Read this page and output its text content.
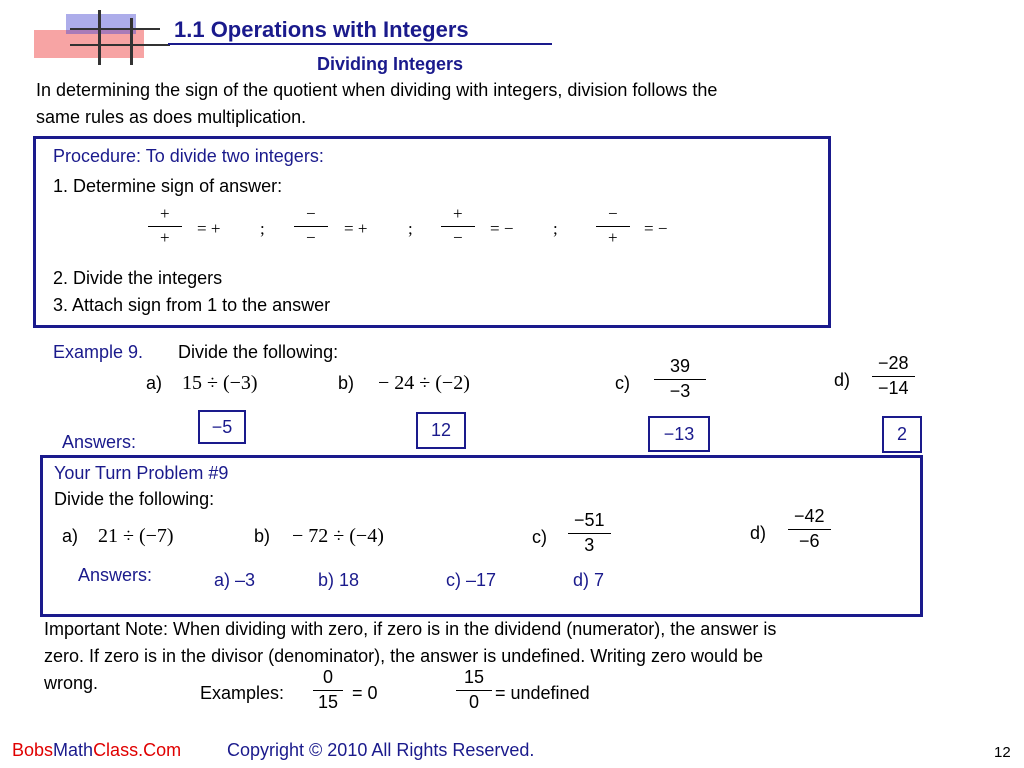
1.1 Operations with Integers
Dividing Integers
In determining the sign of the quotient when dividing with integers, division follows the
same rules as does multiplication.
Procedure: To divide two integers:
1. Determine sign of answer:
+
+	= + ;
−
−	= + ;
+
−	= − ;
−
+	= −
2. Divide the integers
3. Attach sign from 1 to the answer
Example 9. Divide the following:
a) 15 ÷ (−3)	b) − 24 ÷ (−2)	$c) \frac{39}{-3}$	$d) \frac{-28}{-14}$
Answers:
−5	12	−13	2
Your Turn Problem #9
Divide the following:
a) 21 ÷ (−7)	b) − 72 ÷ (−4)	$c) \frac{-51}{3}$	$d) \frac{-42}{-6}$
Answers:	a) –3	b) 18	c) –17	d) 7
Important Note: When dividing with zero, if zero is in the dividend (numerator), the answer is
zero. If zero is in the divisor (denominator), the answer is undefined. Writing zero would be
wrong.	Examples: $\frac{0}{15} = 0$	$\frac{15}{0}$ = undefined
BobsMathClass.Com	Copyright © 2010 All Rights Reserved.	12
